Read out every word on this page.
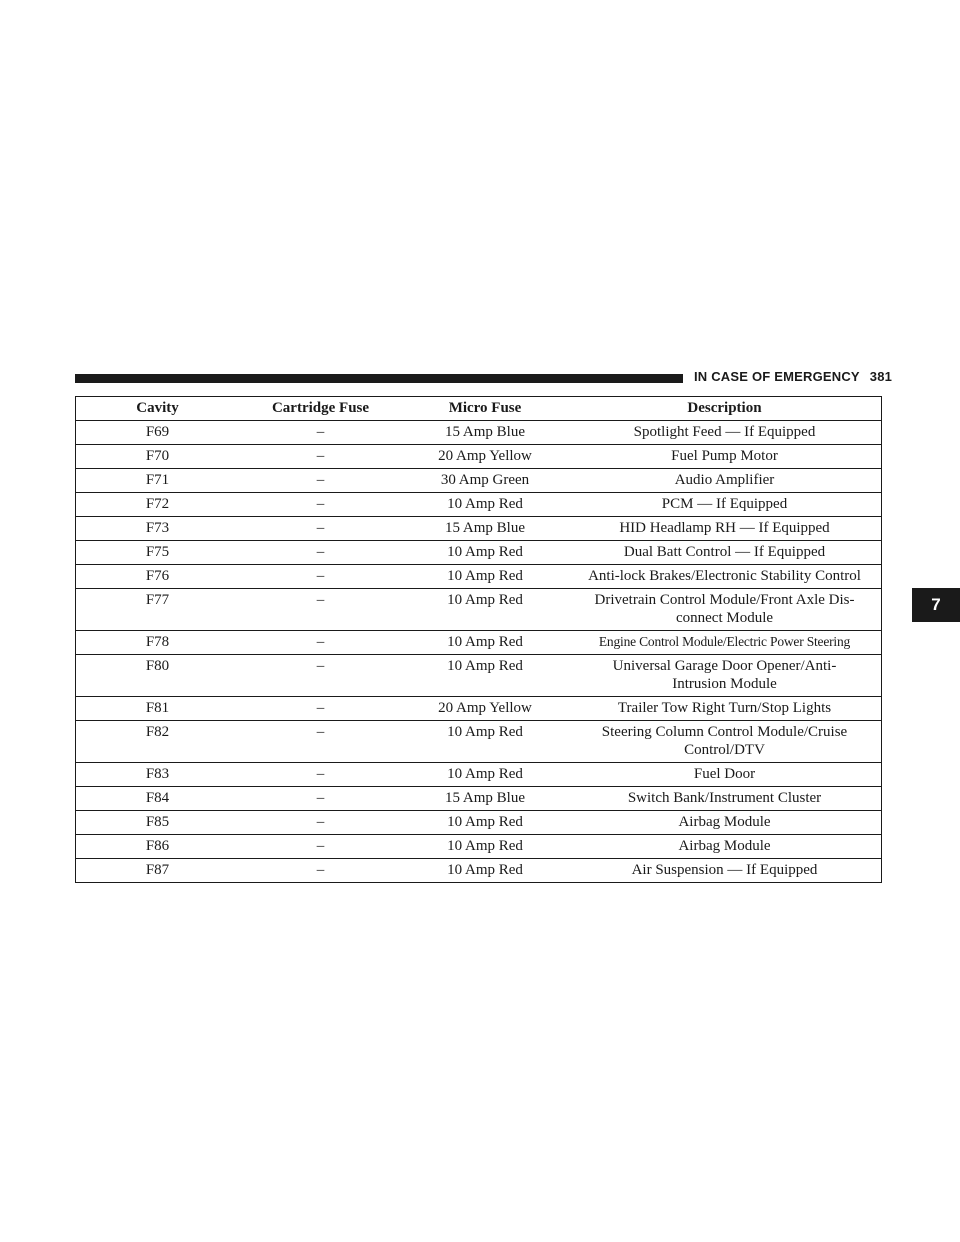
IN CASE OF EMERGENCY 381
7
Cavity	Cartridge Fuse	Micro Fuse	Description
F69	–	15 Amp Blue	Spotlight Feed — If Equipped
F70	–	20 Amp Yellow	Fuel Pump Motor
F71	–	30 Amp Green	Audio Amplifier
F72	–	10 Amp Red	PCM — If Equipped
F73	–	15 Amp Blue	HID Headlamp RH — If Equipped
F75	–	10 Amp Red	Dual Batt Control — If Equipped
F76	–	10 Amp Red	Anti-lock Brakes/Electronic Stability Control
F77	–	10 Amp Red	Drivetrain Control Module/Front Axle Dis-
connect Module
F78	–	10 Amp Red	Engine Control Module/Electric Power Steering
F80	–	10 Amp Red	Universal Garage Door Opener/Anti-
Intrusion Module
F81	–	20 Amp Yellow	Trailer Tow Right Turn/Stop Lights
F82	–	10 Amp Red	Steering Column Control Module/Cruise
Control/DTV
F83	–	10 Amp Red	Fuel Door
F84	–	15 Amp Blue	Switch Bank/Instrument Cluster
F85	–	10 Amp Red	Airbag Module
F86	–	10 Amp Red	Airbag Module
F87	–	10 Amp Red	Air Suspension — If Equipped
